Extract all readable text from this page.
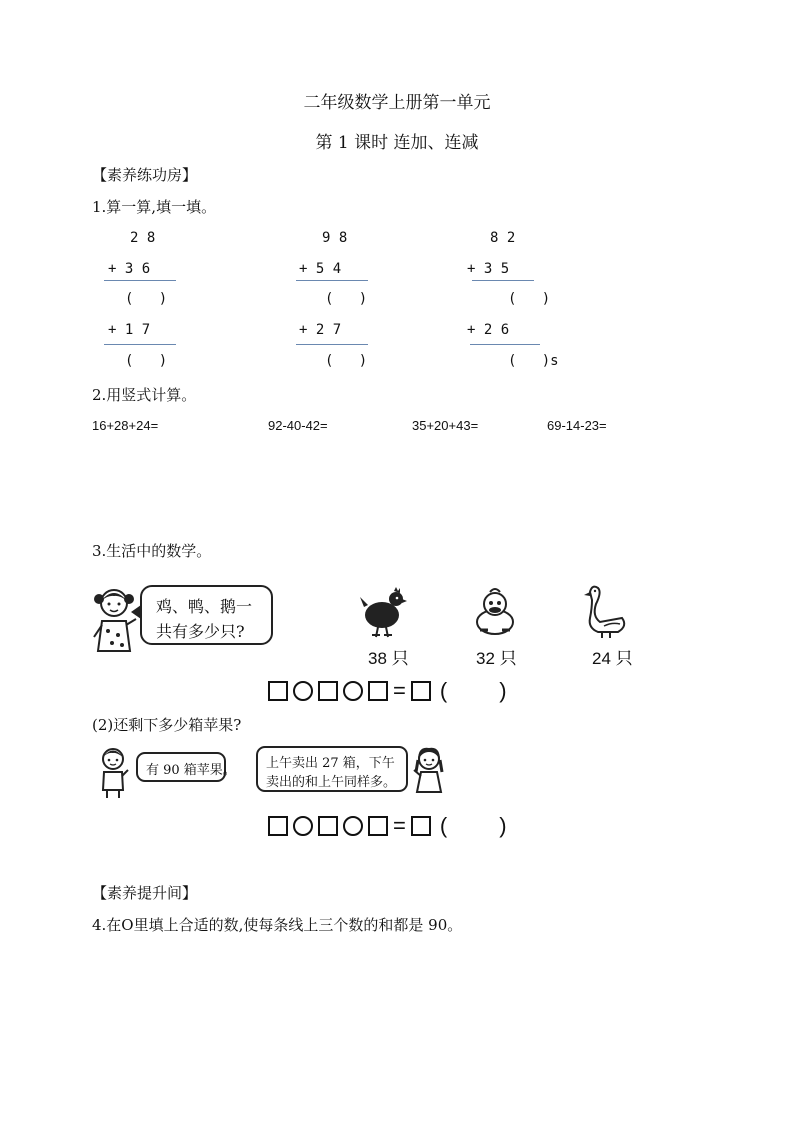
二年级数学上册第一单元
第 1 课时 连加、连减
【素养练功房】
1.算一算,填一填。
2 8
+ 3 6
(   )
+ 1 7
(   )
9 8
+ 5 4
(   )
+ 2 7
(   )
8 2
+ 3 5
(   )
+ 2 6
(   )s
2.用竖式计算。
16+28+24=	92-40-42=	35+20+43=	69-14-23=
3.生活中的数学。
鸡、鸭、鹅一
共有多少只?
38 只	32 只	24 只
= ( )
(2)还剩下多少箱苹果?
有 90 箱苹果。 上午卖出 27 箱，下午
卖出的和上午同样多。
= ( )
【素养提升间】
4.在O里填上合适的数,使每条线上三个数的和都是 90。
